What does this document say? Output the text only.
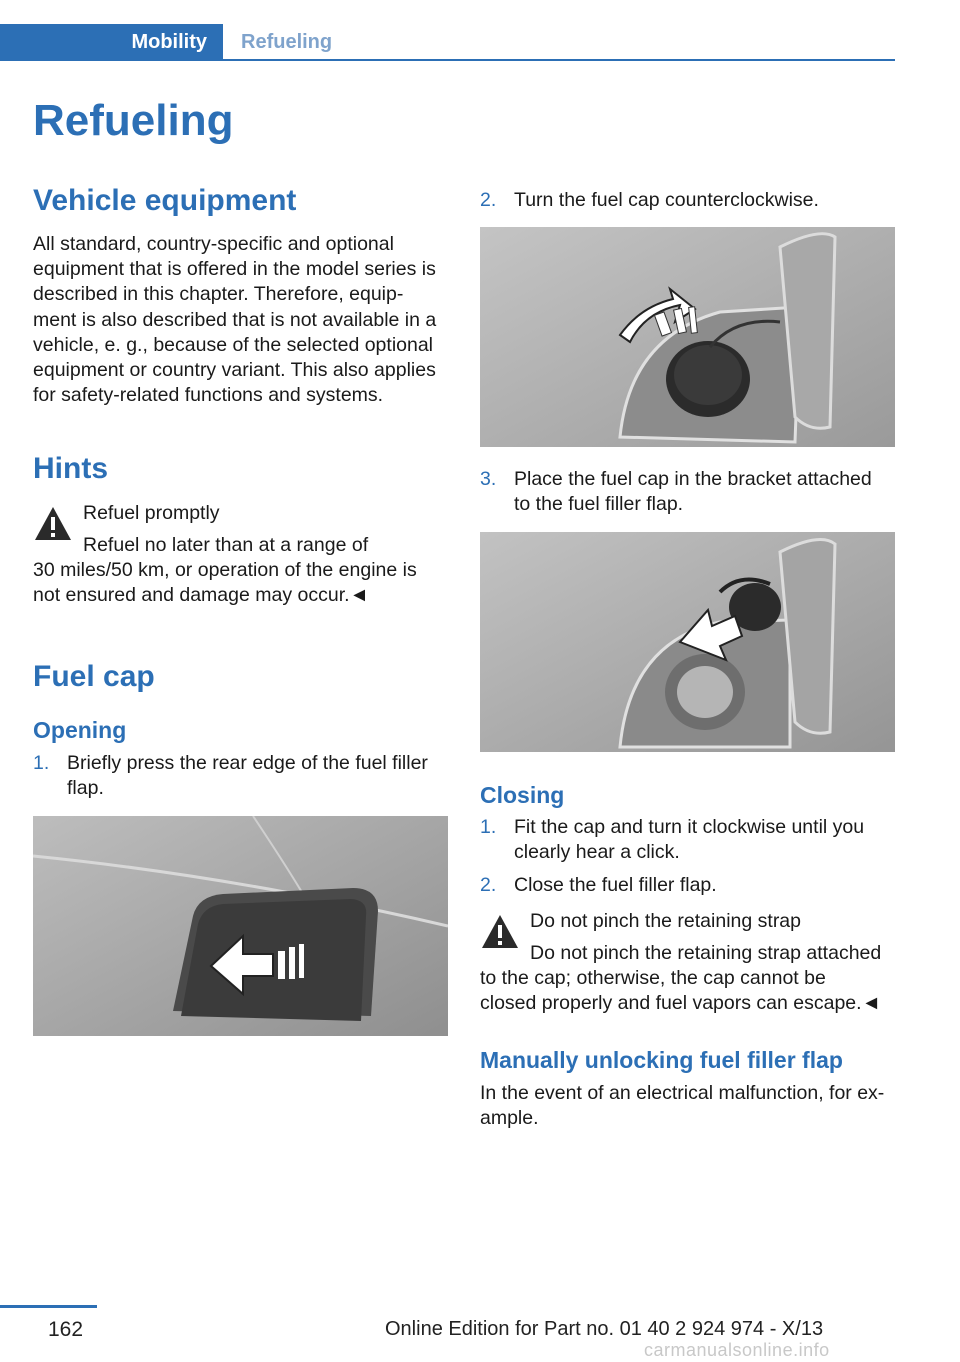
Mobility	Refueling
Refueling
Vehicle equipment

All standard, country-specific and optional
equipment that is offered in the model series is
described in this chapter. Therefore, equip‐
ment is also described that is not available in a
vehicle, e. g., because of the selected optional
equipment or country variant. This also applies
for safety-related functions and systems.

Hints
Refuel promptly
Refuel no later than at a range of
30 miles/50 km, or operation of the engine is
not ensured and damage may occur.◄
Fuel cap
Opening
1. Briefly press the rear edge of the fuel filler
flap.
2. Turn the fuel cap counterclockwise.
3. Place the fuel cap in the bracket attached
to the fuel filler flap.
Closing
1. Fit the cap and turn it clockwise until you
clearly hear a click.
2. Close the fuel filler flap.
Do not pinch the retaining strap
Do not pinch the retaining strap attached
to the cap; otherwise, the cap cannot be
closed properly and fuel vapors can escape.◄
Manually unlocking fuel filler flap

In the event of an electrical malfunction, for ex‐
ample.

162	Online Edition for Part no. 01 40 2 924 974 - X/13
carmanualsonline.info
